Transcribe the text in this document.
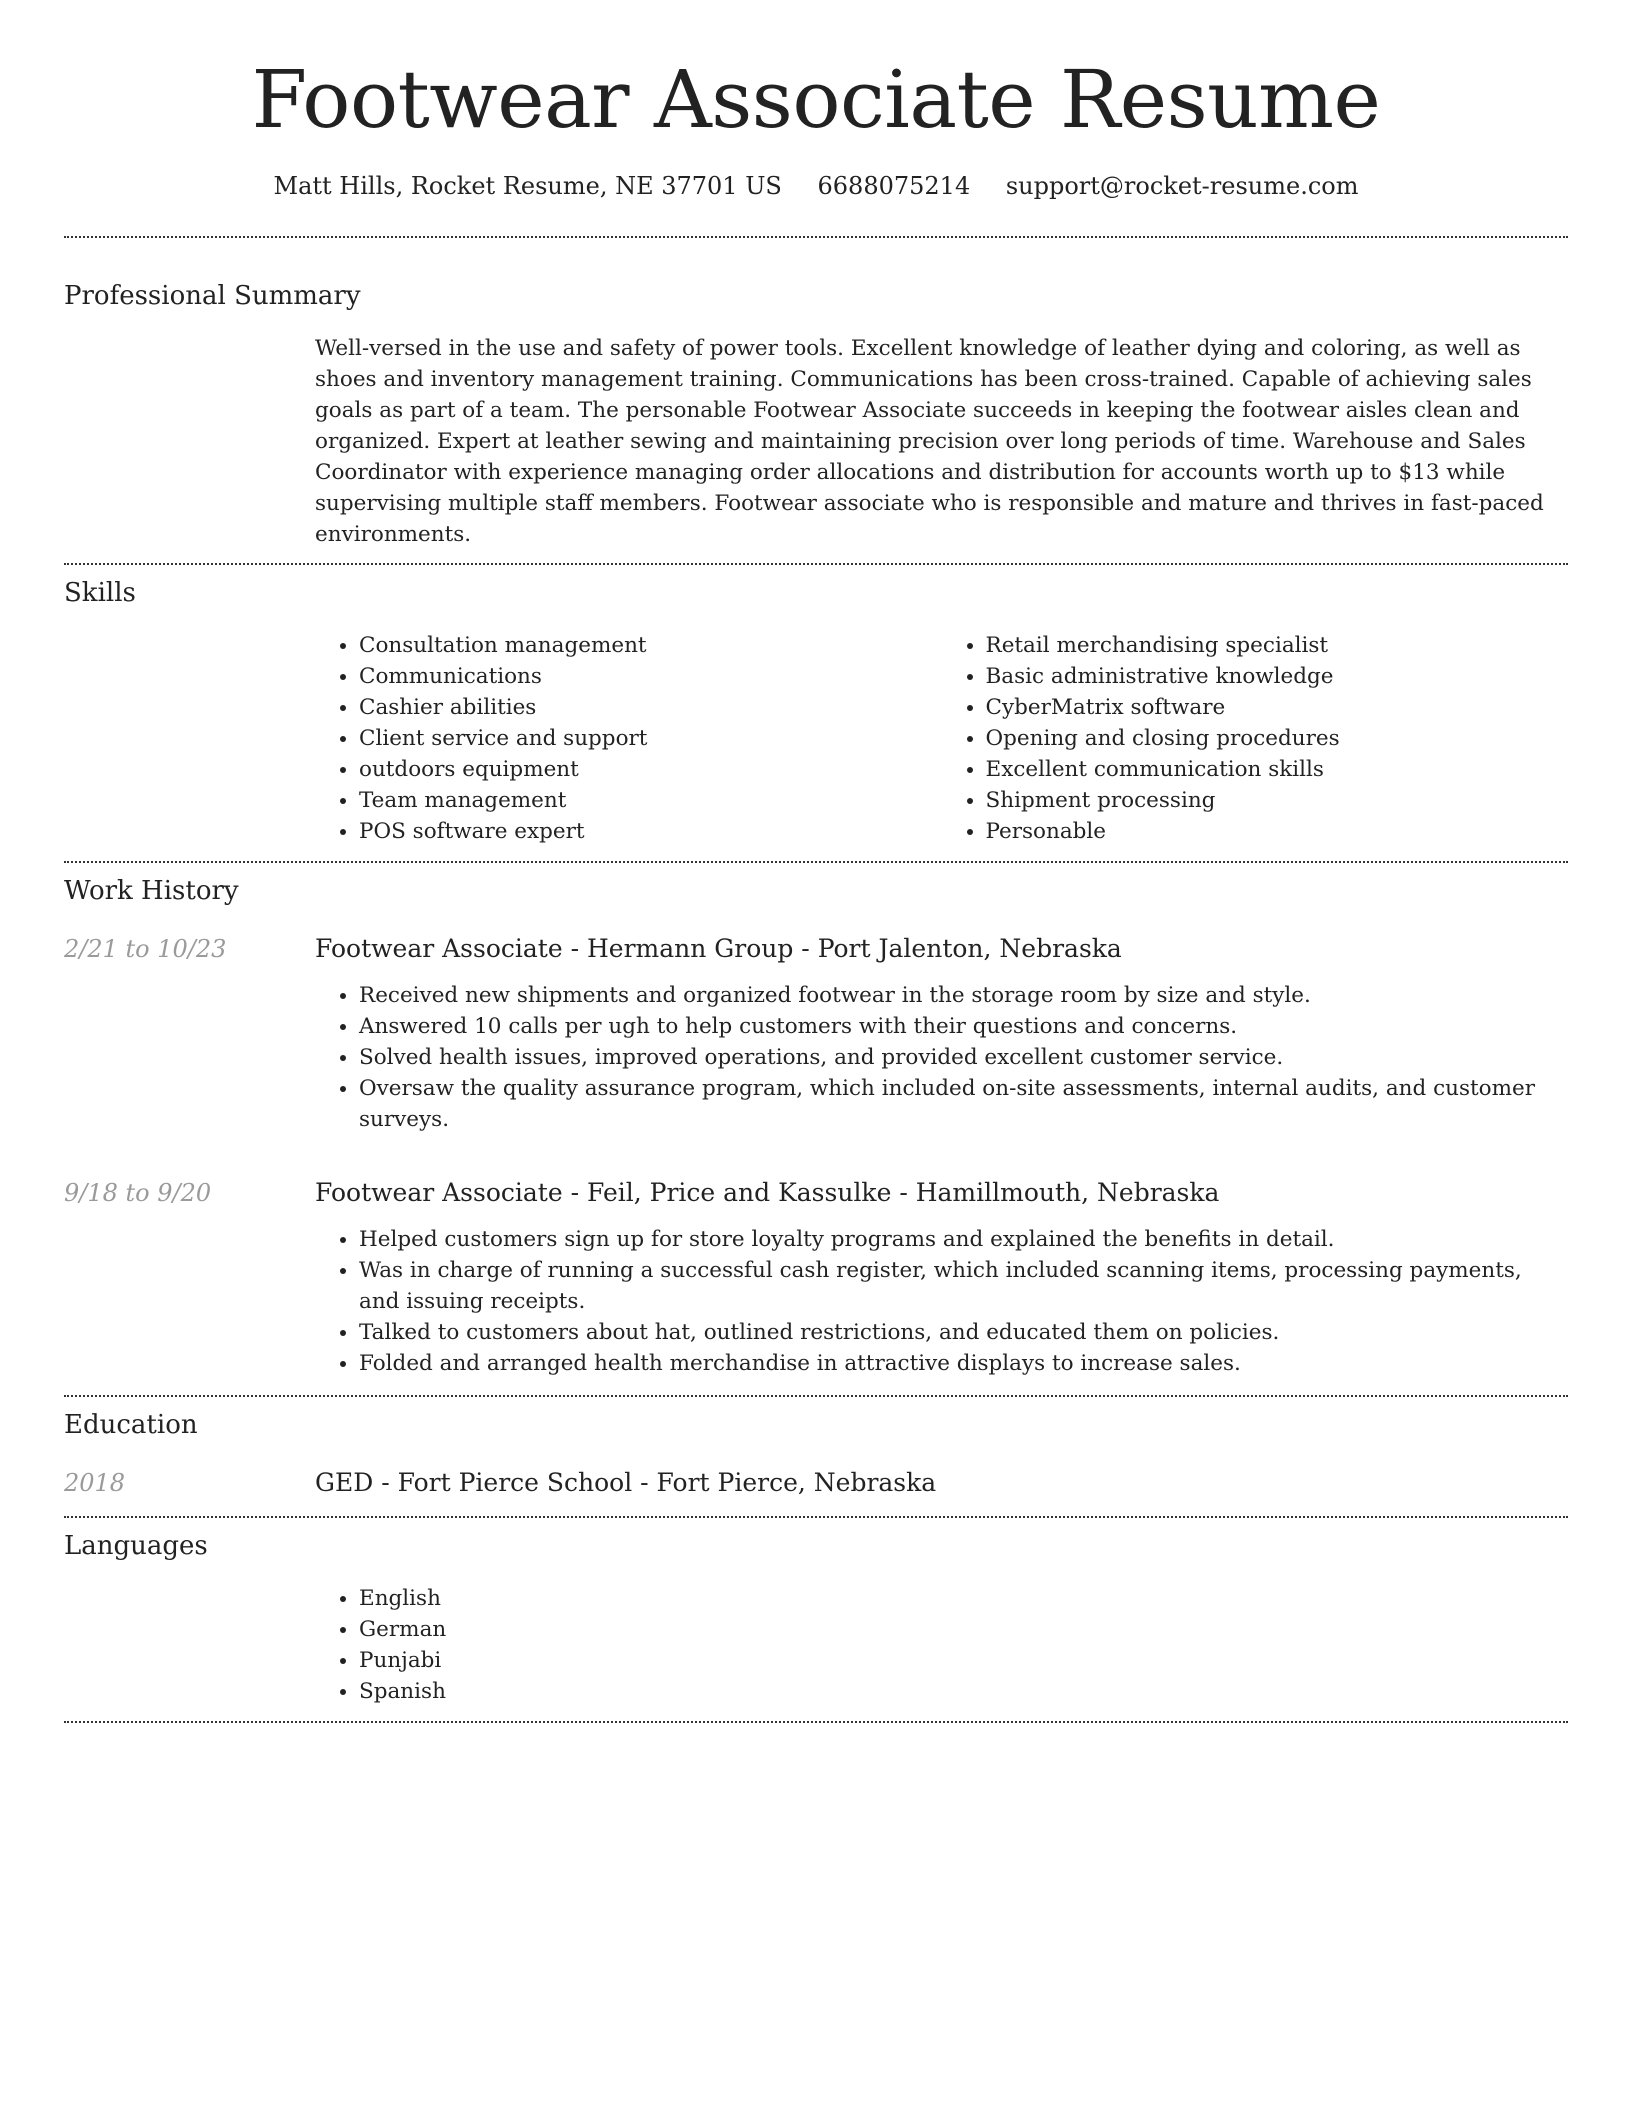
Footwear Associate Resume
Matt Hills, Rocket Resume, NE 37701 US 6688075214 support@rocket-resume.com
Professional Summary

Well-versed in the use and safety of power tools. Excellent knowledge of leather dying and coloring, as well as shoes and inventory management training. Communications has been cross-trained. Capable of achieving sales goals as part of a team. The personable Footwear Associate succeeds in keeping the footwear aisles clean and organized. Expert at leather sewing and maintaining precision over long periods of time. Warehouse and Sales Coordinator with experience managing order allocations and distribution for accounts worth up to $13 while supervising multiple staff members. Footwear associate who is responsible and mature and thrives in fast-paced environments.

Skills
• Consultation management
• Communications
• Cashier abilities
• Client service and support
• outdoors equipment
• Team management
• POS software expert
• Retail merchandising specialist
• Basic administrative knowledge
• CyberMatrix software
• Opening and closing procedures
• Excellent communication skills
• Shipment processing
• Personable
Work History
2/21 to 10/23	Footwear Associate - Hermann Group - Port Jalenton, Nebraska
• Received new shipments and organized footwear in the storage room by size and style.
• Answered 10 calls per ugh to help customers with their questions and concerns.
• Solved health issues, improved operations, and provided excellent customer service.
• Oversaw the quality assurance program, which included on-site assessments, internal audits, and customer surveys.
9/18 to 9/20	Footwear Associate - Feil, Price and Kassulke - Hamillmouth, Nebraska
• Helped customers sign up for store loyalty programs and explained the benefits in detail.
• Was in charge of running a successful cash register, which included scanning items, processing payments, and issuing receipts.
• Talked to customers about hat, outlined restrictions, and educated them on policies.
• Folded and arranged health merchandise in attractive displays to increase sales.
Education
2018	GED - Fort Pierce School - Fort Pierce, Nebraska
Languages
• English
• German
• Punjabi
• Spanish
